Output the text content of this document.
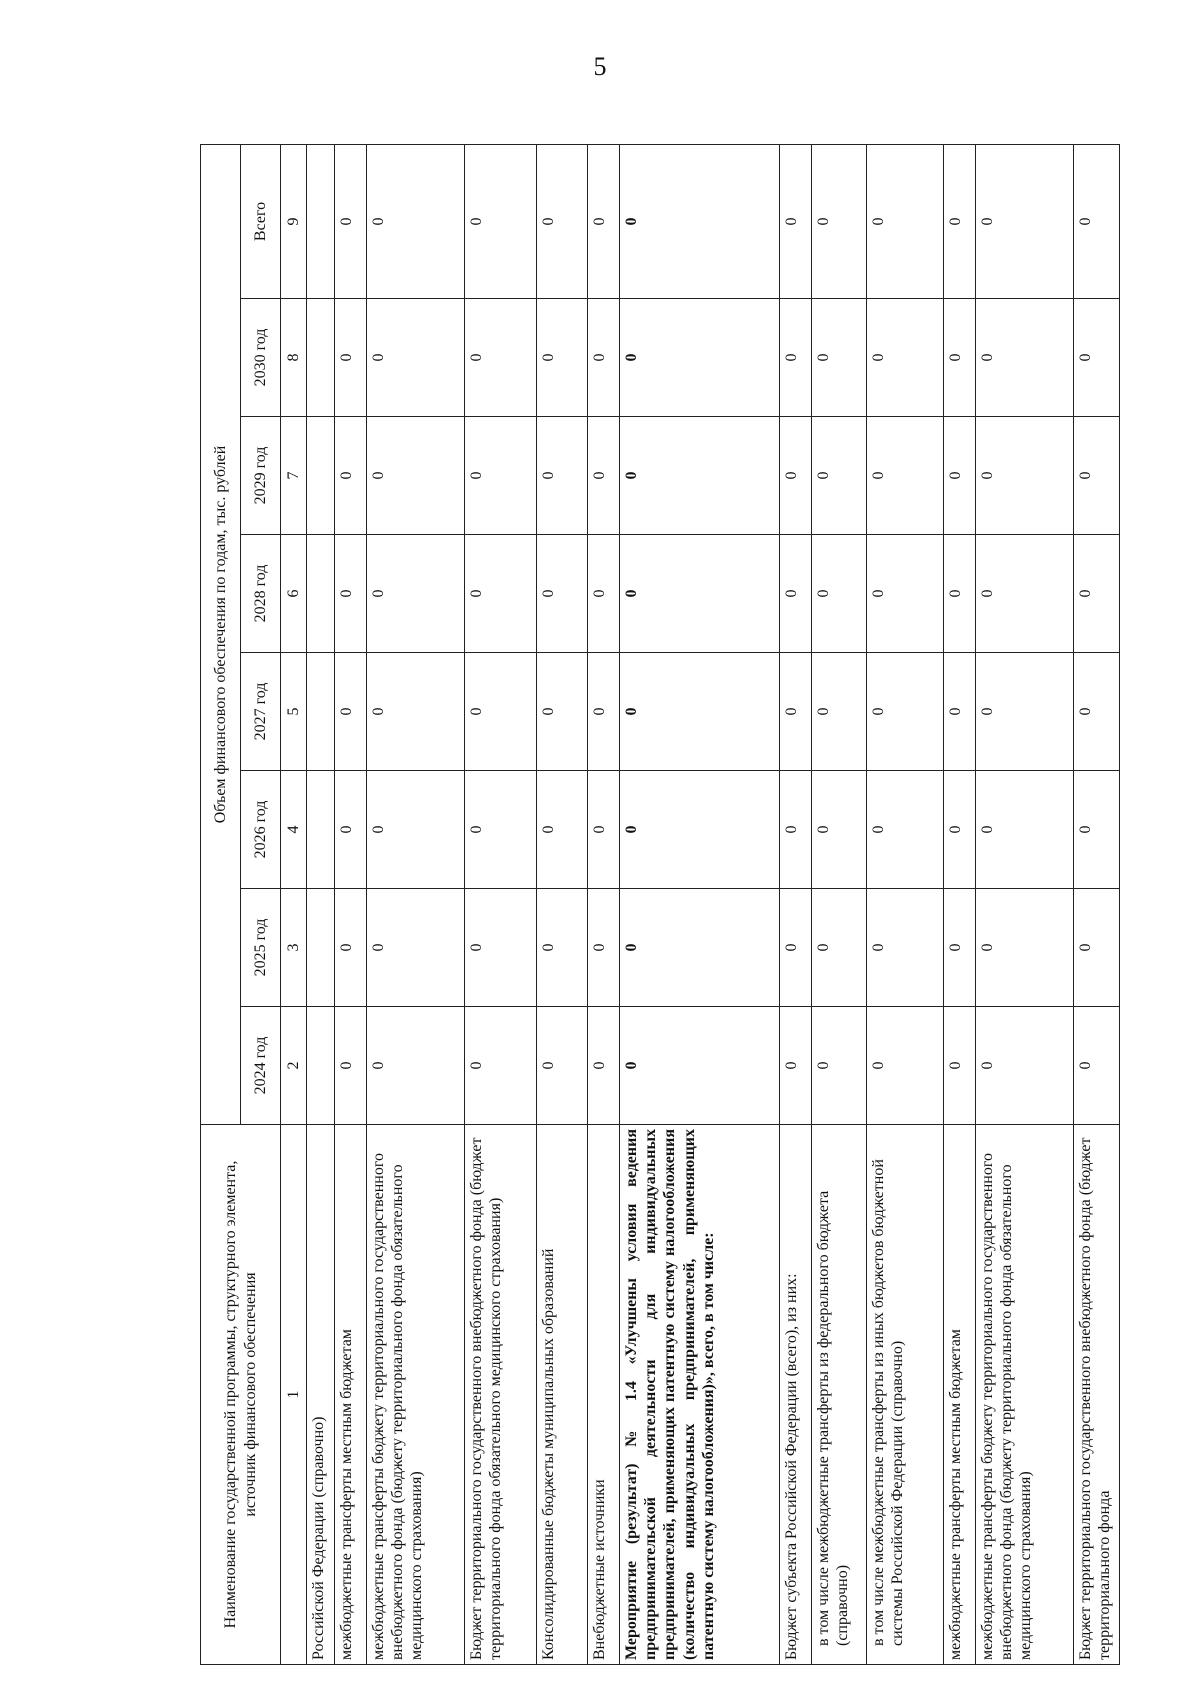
5
Наименование государственной программы, структурного элемента,
источник финансового обеспечения	Объем финансового обеспечения по годам, тыс. рублей							
	2024 год	2025 год	2026 год	2027 год	2028 год	2029 год	2030 год	Всего
1	2	3	4	5	6	7	8	9
Российской Федерации (справочно)								
межбюджетные трансферты местным бюджетам	0	0	0	0	0	0	0	0
межбюджетные трансферты бюджету территориального государственного внебюджетного фонда (бюджету территориального фонда обязательного медицинского страхования)	0	0	0	0	0	0	0	0
Бюджет территориального государственного внебюджетного фонда (бюджет территориального фонда обязательного медицинского страхования)	0	0	0	0	0	0	0	0
Консолидированные бюджеты муниципальных образований	0	0	0	0	0	0	0	0
Внебюджетные источники	0	0	0	0	0	0	0	0
Мероприятие (результат) № 1.4 «Улучшены условия ведения предпринимательской деятельности для индивидуальных предпринимателей, применяющих патентную систему налогообложения (количество индивидуальных предпринимателей, применяющих патентную систему налогообложения)», всего, в том числе:	0	0	0	0	0	0	0	0
Бюджет субъекта Российской Федерации (всего), из них:	0	0	0	0	0	0	0	0
в том числе межбюджетные трансферты из федерального бюджета (справочно)	0	0	0	0	0	0	0	0
в том числе межбюджетные трансферты из иных бюджетов бюджетной системы Российской Федерации (справочно)	0	0	0	0	0	0	0	0
межбюджетные трансферты местным бюджетам	0	0	0	0	0	0	0	0
межбюджетные трансферты бюджету территориального государственного внебюджетного фонда (бюджету территориального фонда обязательного медицинского страхования)	0	0	0	0	0	0	0	0
Бюджет территориального государственного внебюджетного фонда (бюджет территориального фонда	0	0	0	0	0	0	0	0
